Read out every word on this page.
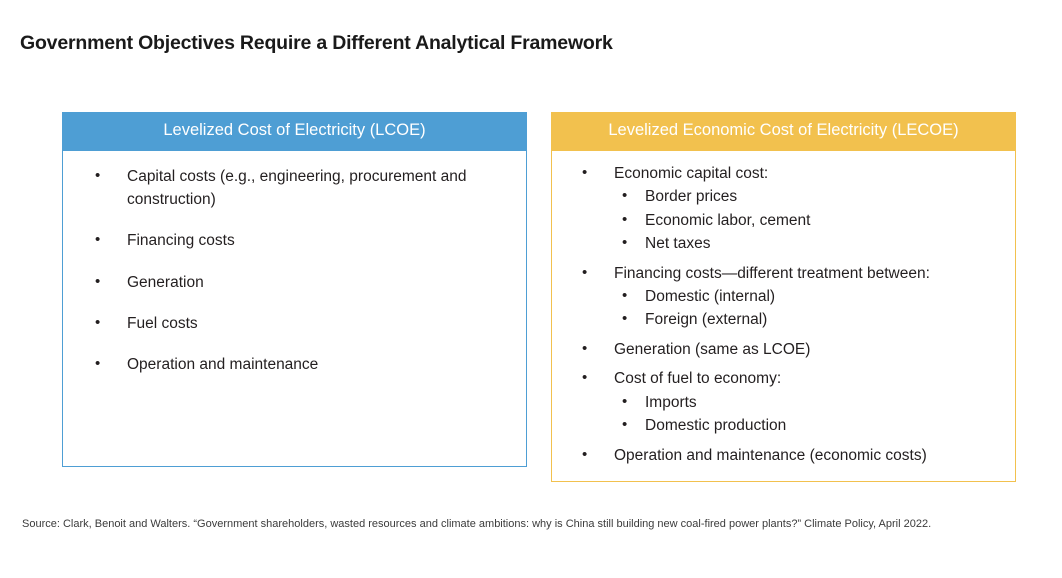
Government Objectives Require a Different Analytical Framework
Levelized Cost of Electricity (LCOE)
• Capital costs (e.g., engineering, procurement and construction)
• Financing costs
• Generation
• Fuel costs
• Operation and maintenance
Levelized Economic Cost of Electricity (LECOE)
• Economic capital cost:
• Border prices
• Economic labor, cement
• Net taxes
• Financing costs—different treatment between:
• Domestic (internal)
• Foreign (external)
• Generation (same as LCOE)
• Cost of fuel to economy:
• Imports
• Domestic production
• Operation and maintenance (economic costs)
Source: Clark, Benoit and Walters. “Government shareholders, wasted resources and climate ambitions: why is China still building new coal-fired power plants?” Climate Policy, April 2022.
